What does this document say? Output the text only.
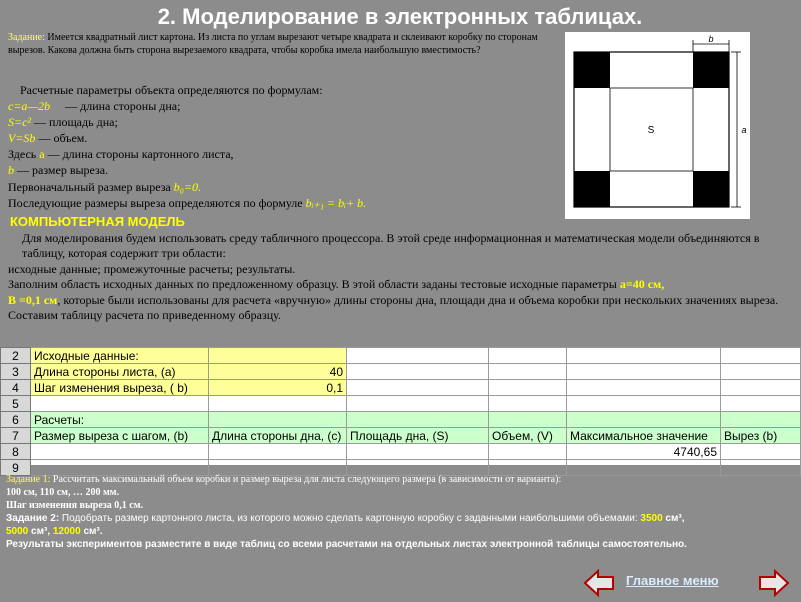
2. Моделирование в электронных таблицах.
Задание: Имеется квадратный лист картона. Из листа по углам вырезают четыре квадрата и склеивают коробку по сторонам вырезов. Какова должна быть сторона вырезаемого квадрата, чтобы коробка имела наибольшую вместимость?

Расчетные параметры объекта определяются по формулам:

c=a—2b — длина стороны дна;

S=c² — площадь дна;

V=Sb — объем.

Здесь a — длина стороны картонного листа,

b — размер выреза.

Первоначальный размер выреза b₀=0.

Последующие размеры выреза определяются по формуле bᵢ₊₁ = bᵢ+ b.

КОМПЬЮТЕРНАЯ МОДЕЛЬ

Для моделирования будем использовать среду табличного процессора. В этой среде информационная и математическая модели объединяются в таблицу, которая содержит три области:

исходные данные; промежуточные расчеты; результаты.

Заполним область исходных данных по предложенному образцу. В этой области заданы тестовые исходные параметры а=40 см,
В =0,1 см, которые были использованы для расчета «вручную» длины стороны дна, площади дна и объема коробки при нескольких значениях выреза.

Составим таблицу расчета по приведенному образцу.

b
a
S
2	Исходные данные:					
3	Длина стороны листа, (а)	40				
4	Шаг изменения выреза, ( b)	0,1				
5						
6	Расчеты:					
7	Размер выреза с шагом, (b)	Длина стороны дна, (с)	Площадь дна, (S)	Объем, (V)	Максимальное значение	Вырез (b)
8					4740,65	
9						

Задание 1: Рассчитать максимальный объем коробки и размер выреза для листа следующего размера (в зависимости от варианта):

100 см, 110 см, … 200 мм.

Шаг изменения выреза 0,1 см.

Задание 2: Подобрать размер картонного листа, из которого можно сделать картонную коробку с заданными наибольшими объемами: 3500 см³,
5000 см³, 12000 см³.

Результаты экспериментов разместите в виде таблиц со всеми расчетами на отдельных листах электронной таблицы самостоятельно.

Главное меню
